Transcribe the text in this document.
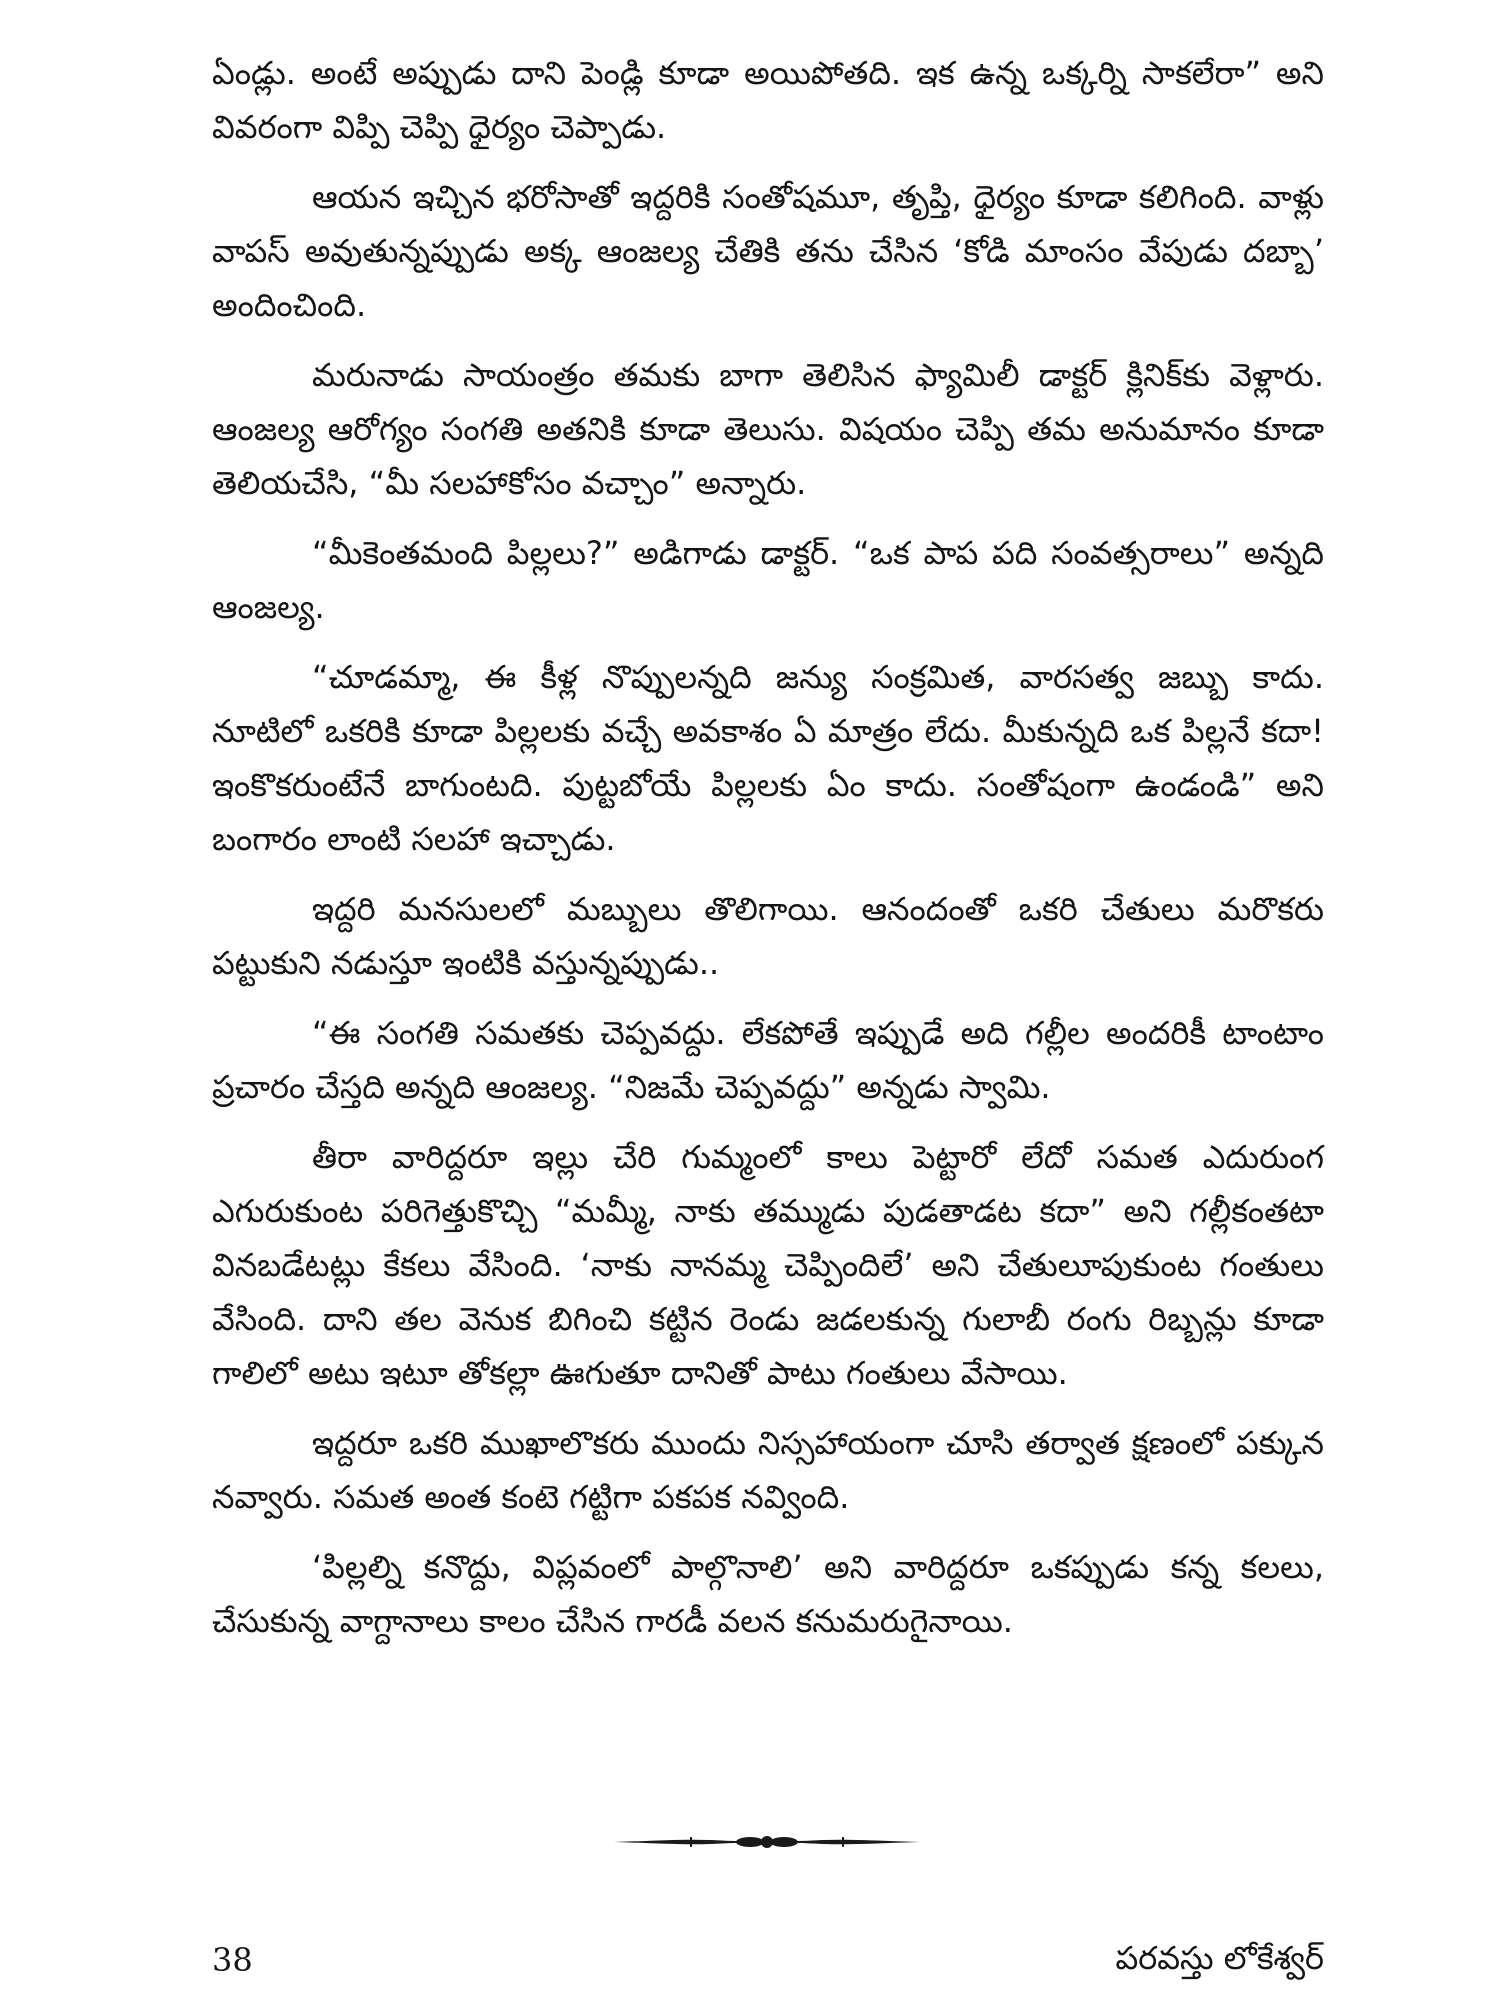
ఏండ్లు. అంటే అప్పుడు దాని పెండ్లి కూడా అయిపోతది. ఇక ఉన్న ఒక్కర్ని సాకలేరా” అని వివరంగా విప్పి చెప్పి ధైర్యం చెప్పాడు.

ఆయన ఇచ్చిన భరోసాతో ఇద్దరికి సంతోషమూ, తృప్తి, ధైర్యం కూడా కలిగింది. వాళ్లు వాపస్ అవుతున్నప్పుడు అక్క ఆంజల్య చేతికి తను చేసిన ‘కోడి మాంసం వేపుడు దబ్బా’ అందించింది.

మరునాడు సాయంత్రం తమకు బాగా తెలిసిన ఫ్యామిలీ డాక్టర్ క్లినిక్‌కు వెళ్లారు. ఆంజల్య ఆరోగ్యం సంగతి అతనికి కూడా తెలుసు. విషయం చెప్పి తమ అనుమానం కూడా తెలియచేసి, “మీ సలహాకోసం వచ్చాం” అన్నారు.

“మీకెంతమంది పిల్లలు?” అడిగాడు డాక్టర్. “ఒక పాప పది సంవత్సరాలు” అన్నది ఆంజల్య.

“చూడమ్మా, ఈ కీళ్ల నొప్పులన్నది జన్యు సంక్రమిత, వారసత్వ జబ్బు కాదు. నూటిలో ఒకరికి కూడా పిల్లలకు వచ్చే అవకాశం ఏ మాత్రం లేదు. మీకున్నది ఒక పిల్లనే కదా! ఇంకొకరుంటేనే బాగుంటది. పుట్టబోయే పిల్లలకు ఏం కాదు. సంతోషంగా ఉండండి” అని బంగారం లాంటి సలహా ఇచ్చాడు.

ఇద్దరి మనసులలో మబ్బులు తొలిగాయి. ఆనందంతో ఒకరి చేతులు మరొకరు పట్టుకుని నడుస్తూ ఇంటికి వస్తున్నప్పుడు..

“ఈ సంగతి సమతకు చెప్పవద్దు. లేకపోతే ఇప్పుడే అది గల్లీల అందరికీ టాంటాం ప్రచారం చేస్తది అన్నది ఆంజల్య. “నిజమే చెప్పవద్దు” అన్నడు స్వామి.

తీరా వారిద్దరూ ఇల్లు చేరి గుమ్మంలో కాలు పెట్టారో లేదో సమత ఎదురుంగ ఎగురుకుంట పరిగెత్తుకొచ్చి “మమ్మీ, నాకు తమ్ముడు పుడతాడట కదా” అని గల్లీకంతటా వినబడేటట్లు కేకలు వేసింది. ‘నాకు నానమ్మ చెప్పిందిలే’ అని చేతులూపుకుంట గంతులు వేసింది. దాని తల వెనుక బిగించి కట్టిన రెండు జడలకున్న గులాబీ రంగు రిబ్బన్లు కూడా గాలిలో అటు ఇటూ తోకల్లా ఊగుతూ దానితో పాటు గంతులు వేసాయి.

ఇద్దరూ ఒకరి ముఖాలొకరు ముందు నిస్సహాయంగా చూసి తర్వాత క్షణంలో పక్కున నవ్వారు. సమత అంత కంటె గట్టిగా పకపక నవ్వింది.

‘పిల్లల్ని కనొద్దు, విప్లవంలో పాల్గొనాలి’ అని వారిద్దరూ ఒకప్పుడు కన్న కలలు, చేసుకున్న వాగ్దానాలు కాలం చేసిన గారడీ వలన కనుమరుగైనాయి.

38	పరవస్తు లోకేశ్వర్
